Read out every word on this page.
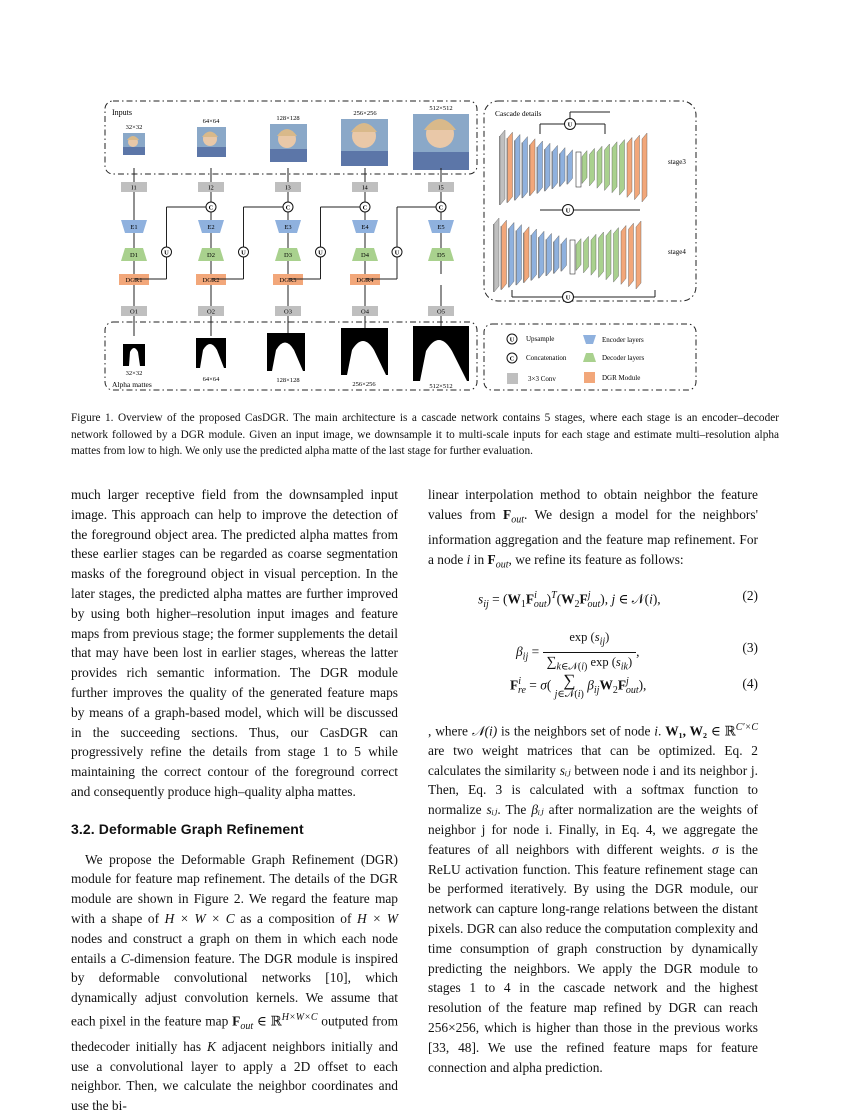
Inputs	Cascade details
Alpha mattes
32×32
64×64	128×128
256×256
512×512
I1
E1
D1
DGR1
O1
I2
E2
D2
DGR2
O2
C
U
I3
E3
D3
DGR3
O3
C
U
I4
E4
D4
DGR4
O4
C
U
I5
E5
D5
O5
C
U
32×32
64×64	128×128
256×256	512×512
U
U
U
stage3
stage4
U Upsample
C Concatenation
3×3 Conv
Encoder layers
Decoder layers
DGR Module
Figure 1. Overview of the proposed CasDGR. The main architecture is a cascade network contains 5 stages, where each stage is an encoder–decoder network followed by a DGR module. Given an input image, we downsample it to multi-scale inputs for each stage and estimate multi–resolution alpha mattes from low to high. We only use the predicted alpha matte of the last stage for further evaluation.

much larger receptive field from the downsampled input image. This approach can help to improve the detection of the foreground object area. The predicted alpha mattes from these earlier stages can be regarded as coarse segmentation masks of the foreground object in visual perception. In the later stages, the predicted alpha mattes are further improved by using both higher–resolution input images and feature maps from previous stage; the former supplements the detail that may have been lost in earlier stages, whereas the latter provides rich semantic information. The DGR module further improves the quality of the generated feature maps by means of a graph-based model, which will be discussed in the succeeding sections. Thus, our CasDGR can progressively refine the details from stage 1 to 5 while maintaining the correct contour of the foreground correct and consequently produce high–quality alpha mattes.

3.2. Deformable Graph Refinement

We propose the Deformable Graph Refinement (DGR) module for feature map refinement. The details of the DGR module are shown in Figure 2. We regard the feature map with a shape of H × W × C as a composition of H × W nodes and construct a graph on them in which each node entails a C-dimension feature. The DGR module is inspired by deformable convolutional networks [10], which dynamically adjust convolution kernels. We assume that each pixel in the feature map $F_{out}$ ∈ ℝ$^{H\times W\times C}$ outputed from thedecoder initially has K adjacent neighbors initially and use a convolutional layer to apply a 2D offset to each neighbor. Then, we calculate the neighbor coordinates and use the bi-

linear interpolation method to obtain neighbor the feature values from $F_{out}$. We design a model for the neighbors' information aggregation and the feature map refinement. For a node i in $F_{out}$, we refine its feature as follows:

$s_{ij} = (W_1F^i_{out})^T(W_2F^j_{out})$, j ∈ 𝒩(i),	(2)
$\beta_{ij} = \frac{\exp (s_{ij})}{\sum_{k\in 𝒩(i)} \exp (s_{ik})}$ ,	(3)
$F^i_{re} = \sigma$( ∑
j∈𝒩(i)
$\beta_{ij}W_2F^j_{out}$),	(4)

, where 𝒩(i) is the neighbors set of node i. W₁, W₂ ∈ ℝ$^{C'\times C}$ are two weight matrices that can be optimized. Eq. 2 calculates the similarity sᵢⱼ between node i and its neighbor j. Then, Eq. 3 is calculated with a softmax function to normalize sᵢⱼ. The βᵢⱼ after normalization are the weights of neighbor j for node i. Finally, in Eq. 4, we aggregate the features of all neighbors with different weights. σ is the ReLU activation function. This feature refinement stage can be performed iteratively. By using the DGR module, our network can capture long-range relations between the distant pixels. DGR can also reduce the computation complexity and time consumption of graph construction by dynamically predicting the neighbors. We apply the DGR module to stages 1 to 4 in the cascade network and the highest resolution of the feature map refined by DGR can reach 256×256, which is higher than those in the previous works [33, 48]. We use the refined feature maps for feature connection and alpha prediction.
